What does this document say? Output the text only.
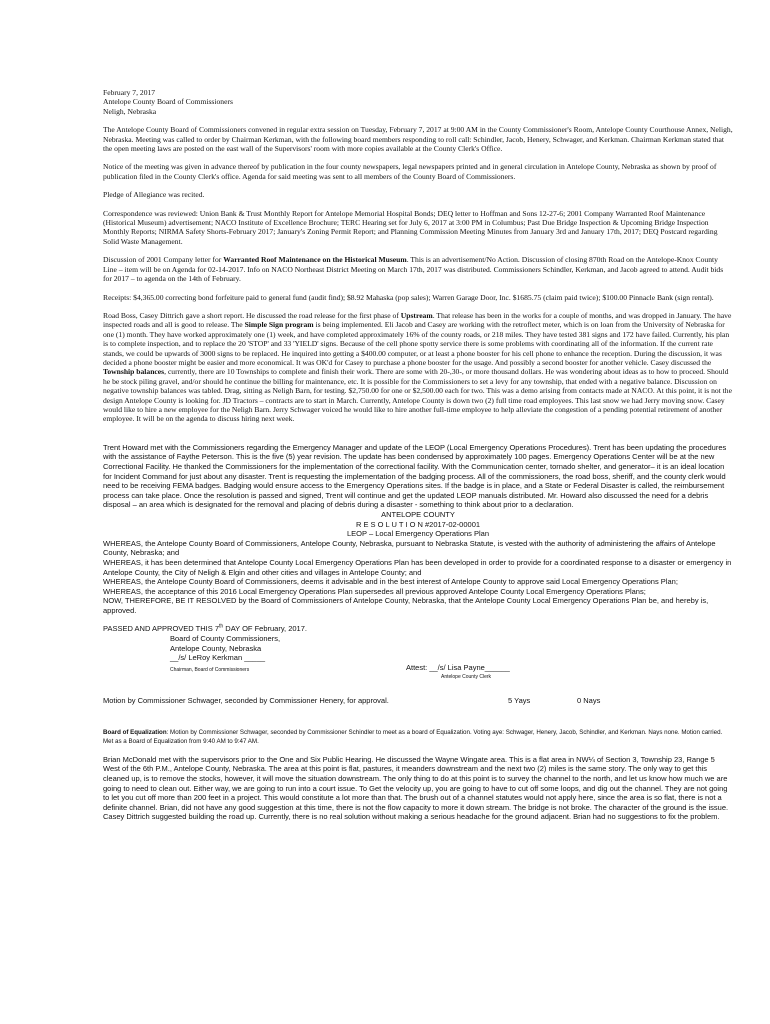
February 7, 2017

Antelope County Board of Commissioners

Neligh, Nebraska

The Antelope County Board of Commissioners convened in regular extra session on Tuesday, February 7, 2017 at 9:00 AM in the County Commissioner's Room, Antelope County Courthouse Annex, Neligh, Nebraska. Meeting was called to order by Chairman Kerkman, with the following board members responding to roll call: Schindler, Jacob, Henery, Schwager, and Kerkman. Chairman Kerkman stated that the open meeting laws are posted on the east wall of the Supervisors' room with more copies available at the County Clerk's Office.

Notice of the meeting was given in advance thereof by publication in the four county newspapers, legal newspapers printed and in general circulation in Antelope County, Nebraska as shown by proof of publication filed in the County Clerk's office. Agenda for said meeting was sent to all members of the County Board of Commissioners.

Pledge of Allegiance was recited.

Correspondence was reviewed: Union Bank & Trust Monthly Report for Antelope Memorial Hospital Bonds; DEQ letter to Hoffman and Sons 12-27-6; 2001 Company Warranted Roof Maintenance (Historical Museum) advertisement; NACO Institute of Excellence Brochure; TERC Hearing set for July 6, 2017 at 3:00 PM in Columbus; Past Due Bridge Inspection & Upcoming Bridge Inspection Monthly Reports; NIRMA Safety Shorts-February 2017; January's Zoning Permit Report; and Planning Commission Meeting Minutes from January 3rd and January 17th, 2017; DEQ Postcard regarding Solid Waste Management.

Discussion of 2001 Company letter for Warranted Roof Maintenance on the Historical Museum. This is an advertisement/No Action. Discussion of closing 870th Road on the Antelope-Knox County Line – item will be on Agenda for 02-14-2017. Info on NACO Northeast District Meeting on March 17th, 2017 was distributed. Commissioners Schindler, Kerkman, and Jacob agreed to attend. Audit bids for 2017 – to agenda on the 14th of February.

Receipts: $4,365.00 correcting bond forfeiture paid to general fund (audit find); $8.92 Mahaska (pop sales); Warren Garage Door, Inc. $1685.75 (claim paid twice); $100.00 Pinnacle Bank (sign rental).

Road Boss, Casey Dittrich gave a short report. He discussed the road release for the first phase of Upstream. That release has been in the works for a couple of months, and was dropped in January. The have inspected roads and all is good to release. The Simple Sign program is being implemented. Eli Jacob and Casey are working with the retroflect meter, which is on loan from the University of Nebraska for one (1) month. They have worked approximately one (1) week, and have completed approximately 16% of the county roads, or 218 miles. They have tested 381 signs and 172 have failed. Currently, his plan is to complete inspection, and to replace the 20 'STOP' and 33 'YIELD' signs. Because of the cell phone spotty service there is some problems with coordinating all of the information. If the current rate stands, we could be upwards of 3000 signs to be replaced. He inquired into getting a $400.00 computer, or at least a phone booster for his cell phone to enhance the reception. During the discussion, it was decided a phone booster might be easier and more economical. It was OK'd for Casey to purchase a phone booster for the usage. And possibly a second booster for another vehicle. Casey discussed the Township balances, currently, there are 10 Townships to complete and finish their work. There are some with 20-,30-, or more thousand dollars. He was wondering about ideas as to how to proceed. Should he be stock piling gravel, and/or should he continue the billing for maintenance, etc. It is possible for the Commissioners to set a levy for any township, that ended with a negative balance. Discussion on negative township balances was tabled. Drag, sitting as Neligh Barn, for testing. $2,750.00 for one or $2,500.00 each for two. This was a demo arising from contacts made at NACO. At this point, it is not the design Antelope County is looking for. JD Tractors – contracts are to start in March. Currently, Antelope County is down two (2) full time road employees. This last snow we had Jerry moving snow. Casey would like to hire a new employee for the Neligh Barn. Jerry Schwager voiced he would like to hire another full-time employee to help alleviate the congestion of a pending potential retirement of another employee. It will be on the agenda to discuss hiring next week.

Trent Howard met with the Commissioners regarding the Emergency Manager and update of the LEOP (Local Emergency Operations Procedures). Trent has been updating the procedures with the assistance of Faythe Peterson. This is the five (5) year revision. The update has been condensed by approximately 100 pages. Emergency Operations Center will be at the new Correctional Facility. He thanked the Commissioners for the implementation of the correctional facility. With the Communication center, tornado shelter, and generator– it is an ideal location for Incident Command for just about any disaster. Trent is requesting the implementation of the badging process. All of the commissioners, the road boss, sheriff, and the county clerk would need to be receiving FEMA badges. Badging would ensure access to the Emergency Operations sites. If the badge is in place, and a State or Federal Disaster is called, the reimbursement process can take place. Once the resolution is passed and signed, Trent will continue and get the updated LEOP manuals distributed. Mr. Howard also discussed the need for a debris disposal – an area which is designated for the removal and placing of debris during a disaster - something to think about prior to a declaration.

ANTELOPE COUNTY

R E S O L U T I O N #2017-02-00001

LEOP – Local Emergency Operations Plan

WHEREAS, the Antelope County Board of Commissioners, Antelope County, Nebraska, pursuant to Nebraska Statute, is vested with the authority of administering the affairs of Antelope County, Nebraska; and

WHEREAS, it has been determined that Antelope County Local Emergency Operations Plan has been developed in order to provide for a coordinated response to a disaster or emergency in Antelope County, the City of Neligh & Elgin and other cities and villages in Antelope County; and

WHEREAS, the Antelope County Board of Commissioners, deems it advisable and in the best interest of Antelope County to approve said Local Emergency Operations Plan;

WHEREAS, the acceptance of this 2016 Local Emergency Operations Plan supersedes all previous approved Antelope County Local Emergency Operations Plans;

NOW, THEREFORE, BE IT RESOLVED by the Board of Commissioners of Antelope County, Nebraska, that the Antelope County Local Emergency Operations Plan be, and hereby is, approved.

PASSED AND APPROVED THIS 7th DAY OF February, 2017.

Board of County Commissioners,

Antelope County, Nebraska

__/s/ LeRoy Kerkman _____

Chairman, Board of Commissioners	Attest: __/s/ Lisa Payne______
Antelope County Clerk
Motion by Commissioner Schwager, seconded by Commissioner Henery, for approval.	5 Yays	0 Nays

Board of Equalization: Motion by Commissioner Schwager, seconded by Commissioner Schindler to meet as a board of Equalization. Voting aye: Schwager, Henery, Jacob, Schindler, and Kerkman. Nays none. Motion carried. Met as a Board of Equalization from 9:40 AM to 9:47 AM.

Brian McDonald met with the supervisors prior to the One and Six Public Hearing. He discussed the Wayne Wingate area. This is a flat area in NW¼ of Section 3, Township 23, Range 5 West of the 6th P.M., Antelope County, Nebraska. The area at this point is flat, pastures, it meanders downstream and the next two (2) miles is the same story. The only way to get this cleaned up, is to remove the stocks, however, it will move the situation downstream. The only thing to do at this point is to survey the channel to the north, and let us know how much we are going to need to clean out. Either way, we are going to run into a court issue. To Get the velocity up, you are going to have to cut off some loops, and dig out the channel. They are not going to let you cut off more than 200 feet in a project. This would constitute a lot more than that. The brush out of a channel statutes would not apply here, since the area is so flat, there is not a definite channel. Brian, did not have any good suggestion at this time, there is not the flow capacity to more it down stream. The bridge is not broke. The character of the ground is the issue. Casey Dittrich suggested building the road up. Currently, there is no real solution without making a serious headache for the ground adjacent. Brian had no suggestions to fix the problem.
